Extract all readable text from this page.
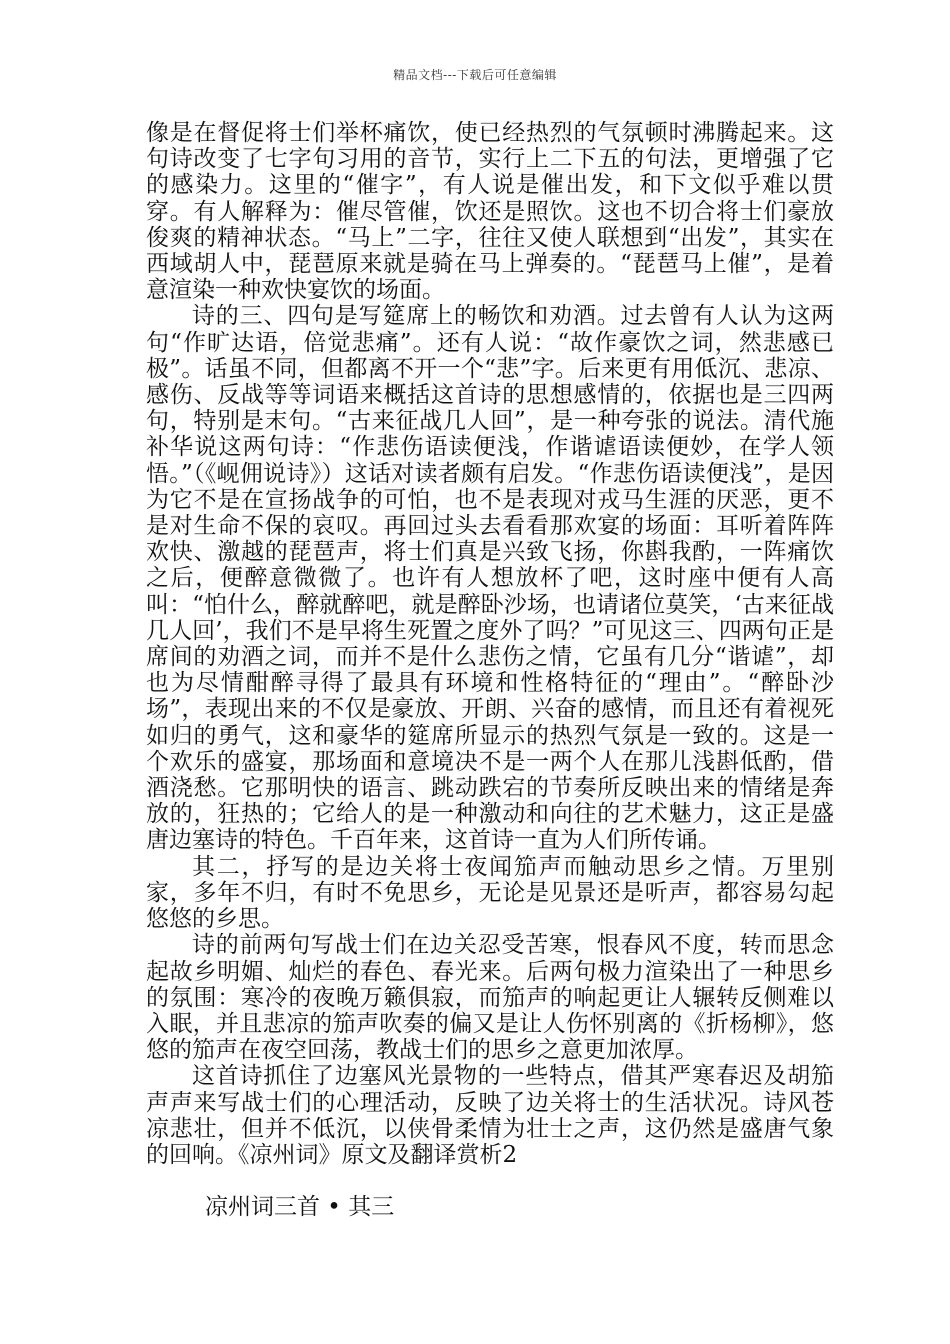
精品文档---下载后可任意编辑

像是在督促将士们举杯痛饮，使已经热烈的气氛顿时沸腾起来。这句诗改变了七字句习用的音节，实行上二下五的句法，更增强了它的感染力。这里的“催字”，有人说是催出发，和下文似乎难以贯穿。有人解释为：催尽管催，饮还是照饮。这也不切合将士们豪放俊爽的精神状态。“马上”二字，往往又使人联想到“出发”，其实在西域胡人中，琵琶原来就是骑在马上弹奏的。“琵琶马上催”，是着意渲染一种欢快宴饮的场面。

诗的三、四句是写筵席上的畅饮和劝酒。过去曾有人认为这两句“作旷达语，倍觉悲痛”。还有人说：“故作豪饮之词，然悲感已极”。话虽不同，但都离不开一个“悲”字。后来更有用低沉、悲凉、感伤、反战等等词语来概括这首诗的思想感情的，依据也是三四两句，特别是末句。“古来征战几人回”，是一种夸张的说法。清代施补华说这两句诗：“作悲伤语读便浅，作谐谑语读便妙，在学人领悟。”（《岘佣说诗》）这话对读者颇有启发。“作悲伤语读便浅”，是因为它不是在宣扬战争的可怕，也不是表现对戎马生涯的厌恶，更不是对生命不保的哀叹。再回过头去看看那欢宴的场面：耳听着阵阵欢快、激越的琵琶声，将士们真是兴致飞扬，你斟我酌，一阵痛饮之后，便醉意微微了。也许有人想放杯了吧，这时座中便有人高叫：“怕什么，醉就醉吧，就是醉卧沙场，也请诸位莫笑，‘古来征战几人回’，我们不是早将生死置之度外了吗？”可见这三、四两句正是席间的劝酒之词，而并不是什么悲伤之情，它虽有几分“谐谑”，却也为尽情酣醉寻得了最具有环境和性格特征的“理由”。“醉卧沙场”，表现出来的不仅是豪放、开朗、兴奋的感情，而且还有着视死如归的勇气，这和豪华的筵席所显示的热烈气氛是一致的。这是一个欢乐的盛宴，那场面和意境决不是一两个人在那儿浅斟低酌，借酒浇愁。它那明快的语言、跳动跌宕的节奏所反映出来的情绪是奔放的，狂热的；它给人的是一种激动和向往的艺术魅力，这正是盛唐边塞诗的特色。千百年来，这首诗一直为人们所传诵。

其二，抒写的是边关将士夜闻笳声而触动思乡之情。万里别家，多年不归，有时不免思乡，无论是见景还是听声，都容易勾起悠悠的乡思。

诗的前两句写战士们在边关忍受苦寒，恨春风不度，转而思念起故乡明媚、灿烂的春色、春光来。后两句极力渲染出了一种思乡的氛围：寒冷的夜晚万籁俱寂，而笳声的响起更让人辗转反侧难以入眠，并且悲凉的笳声吹奏的偏又是让人伤怀别离的《折杨柳》，悠悠的笳声在夜空回荡，教战士们的思乡之意更加浓厚。

这首诗抓住了边塞风光景物的一些特点，借其严寒春迟及胡笳声声来写战士们的心理活动，反映了边关将士的生活状况。诗风苍凉悲壮，但并不低沉，以侠骨柔情为壮士之声，这仍然是盛唐气象的回响。《凉州词》原文及翻译赏析2

凉州词三首 • 其三
